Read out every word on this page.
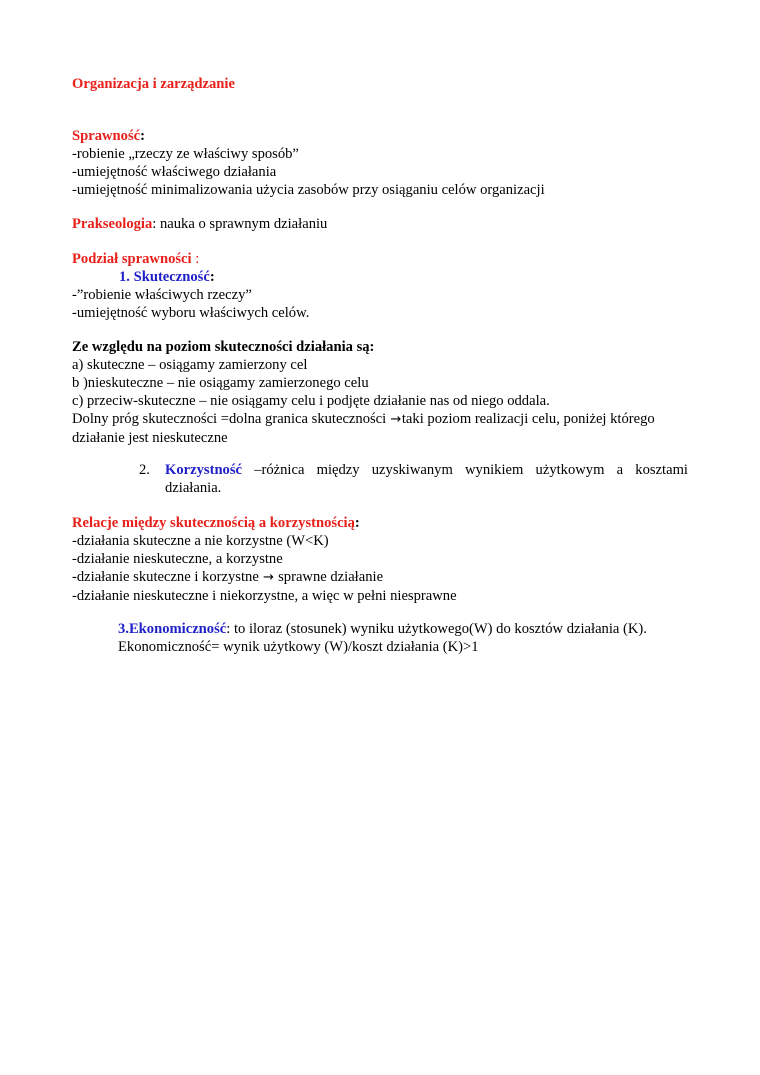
Organizacja i zarządzanie
Sprawność:
-robienie „rzeczy ze właściwy sposób”
-umiejętność właściwego działania
-umiejętność minimalizowania użycia zasobów przy osiąganiu celów organizacji
Prakseologia: nauka o sprawnym działaniu
Podział sprawności :
1. Skuteczność:
-”robienie właściwych rzeczy”
-umiejętność wyboru właściwych celów.
Ze względu na poziom skuteczności działania są:
a) skuteczne – osiągamy zamierzony cel
b )nieskuteczne – nie osiągamy zamierzonego celu
c) przeciw-skuteczne – nie osiągamy celu i podjęte działanie nas od niego oddala.
Dolny próg skuteczności =dolna granica skuteczności →taki poziom realizacji celu, poniżej którego
działanie jest nieskuteczne
2. Korzystność –różnica między uzyskiwanym wynikiem użytkowym a kosztami działania.
Relacje między skutecznością a korzystnością:
-działania skuteczne a nie korzystne (W<K)
-działanie nieskuteczne, a korzystne
-działanie skuteczne i korzystne → sprawne działanie
-działanie nieskuteczne i niekorzystne, a więc w pełni niesprawne
3.Ekonomiczność: to iloraz (stosunek) wyniku użytkowego(W) do kosztów działania (K).
Ekonomiczność= wynik użytkowy (W)/koszt działania (K)>1
